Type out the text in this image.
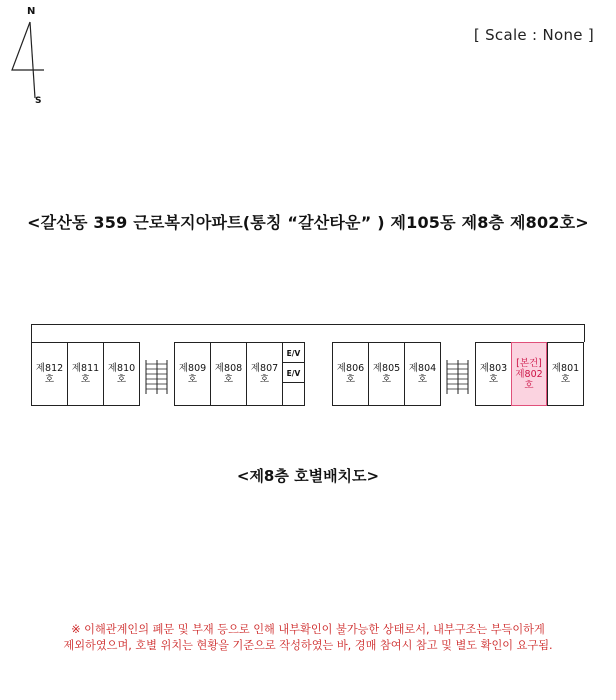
N
S
[ Scale : None ]
<갈산동 359 근로복지아파트(통칭 “갈산타운” ) 제105동 제8층 제802호>
제812호
제811호
제810호
제809호
제808호
제807호
E/V
E/V	제806호
제805호
제804호
제803호
[본건]
제802호
제801호
<제8층 호별배치도>
※ 이해관계인의 폐문 및 부재 등으로 인해 내부확인이 불가능한 상태로서, 내부구조는 부득이하게
제외하였으며, 호별 위치는 현황을 기준으로 작성하였는 바, 경매 참여시 참고 및 별도 확인이 요구됨.
